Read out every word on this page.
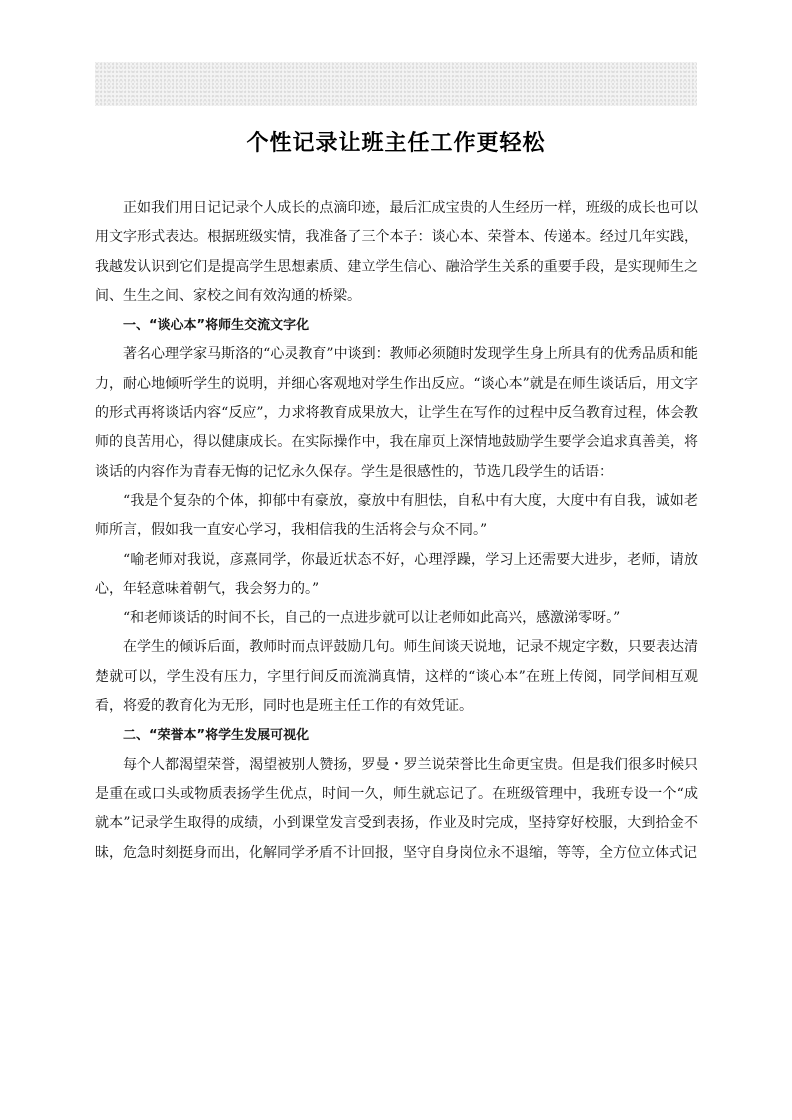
个性记录让班主任工作更轻松

正如我们用日记记录个人成长的点滴印迹，最后汇成宝贵的人生经历一样，班级的成长也可以用文字形式表达。根据班级实情，我准备了三个本子：谈心本、荣誉本、传递本。经过几年实践，我越发认识到它们是提高学生思想素质、建立学生信心、融洽学生关系的重要手段，是实现师生之间、生生之间、家校之间有效沟通的桥梁。

一、“谈心本”将师生交流文字化

著名心理学家马斯洛的“心灵教育”中谈到：教师必须随时发现学生身上所具有的优秀品质和能力，耐心地倾听学生的说明，并细心客观地对学生作出反应。“谈心本”就是在师生谈话后，用文字的形式再将谈话内容“反应”，力求将教育成果放大，让学生在写作的过程中反刍教育过程，体会教师的良苦用心，得以健康成长。在实际操作中，我在扉页上深情地鼓励学生要学会追求真善美，将谈话的内容作为青春无悔的记忆永久保存。学生是很感性的，节选几段学生的话语：

“我是个复杂的个体，抑郁中有豪放，豪放中有胆怯，自私中有大度，大度中有自我，诚如老师所言，假如我一直安心学习，我相信我的生活将会与众不同。”

“喻老师对我说，彦熹同学，你最近状态不好，心理浮躁，学习上还需要大进步，老师，请放心，年轻意味着朝气，我会努力的。”

“和老师谈话的时间不长，自己的一点进步就可以让老师如此高兴，感激涕零呀。”

在学生的倾诉后面，教师时而点评鼓励几句。师生间谈天说地，记录不规定字数，只要表达清楚就可以，学生没有压力，字里行间反而流淌真情，这样的“谈心本”在班上传阅，同学间相互观看，将爱的教育化为无形，同时也是班主任工作的有效凭证。

二、“荣誉本”将学生发展可视化

每个人都渴望荣誉，渴望被别人赞扬，罗曼・罗兰说荣誉比生命更宝贵。但是我们很多时候只是重在或口头或物质表扬学生优点，时间一久，师生就忘记了。在班级管理中，我班专设一个“成就本”记录学生取得的成绩，小到课堂发言受到表扬，作业及时完成，坚持穿好校服，大到拾金不昧，危急时刻挺身而出，化解同学矛盾不计回报，坚守自身岗位永不退缩，等等，全方位立体式记
